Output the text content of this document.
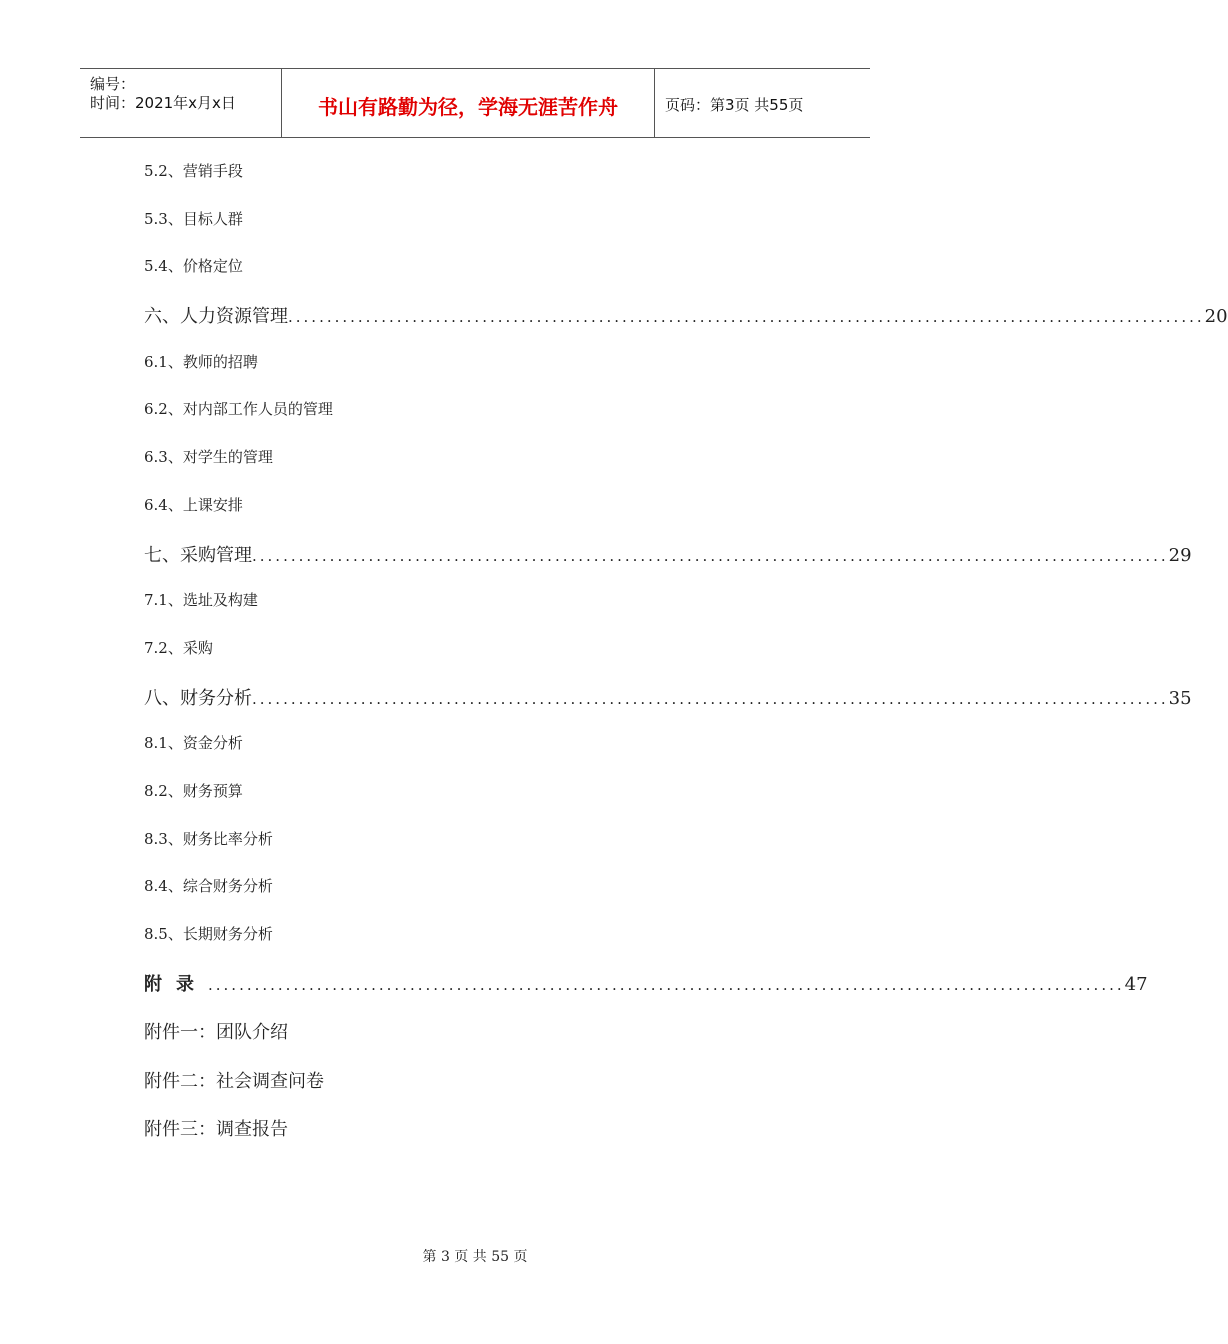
编号：
时间：2021年x月x日	书山有路勤为径，学海无涯苦作舟	页码：第3页 共55页
5.2、营销手段
5.3、目标人群
5.4、价格定位
六、人力资源管理 ...................................................................................................................... 20
6.1、教师的招聘
6.2、对内部工作人员的管理
6.3、对学生的管理
6.4、上课安排
七、采购管理 ...................................................................................................................... 29
7.1、选址及构建
7.2、采购
八、财务分析 ...................................................................................................................... 35
8.1、资金分析
8.2、财务预算
8.3、财务比率分析
8.4、综合财务分析
8.5、长期财务分析
附录 ...................................................................................................................... 47
附件一：团队介绍
附件二：社会调查问卷
附件三：调查报告
第 3 页 共 55 页
